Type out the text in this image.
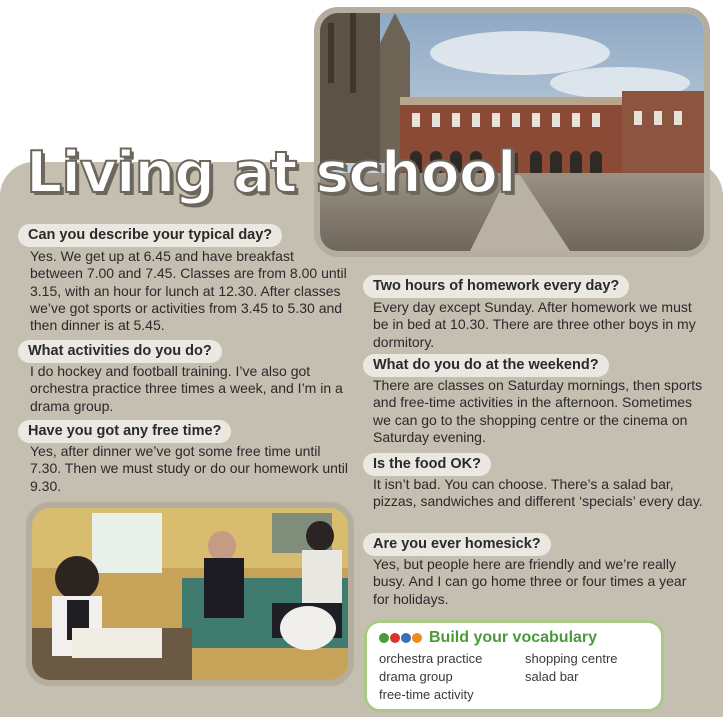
Living at school
Can you describe your typical day?
Yes. We get up at 6.45 and have breakfast between 7.00 and 7.45. Classes are from 8.00 until 3.15, with an hour for lunch at 12.30. After classes we’ve got sports or activities from 3.45 to 5.30 and then dinner is at 5.45.
What activities do you do?
I do hockey and football training. I’ve also got orchestra practice three times a week, and I’m in a drama group.
Have you got any free time?
Yes, after dinner we’ve got some free time until 7.30. Then we must study or do our homework until 9.30.
Two hours of homework every day?
Every day except Sunday. After homework we must be in bed at 10.30. There are three other boys in my dormitory.
What do you do at the weekend?
There are classes on Saturday mornings, then sports and free-time activities in the afternoon. Sometimes we can go to the shopping centre or the cinema on Saturday evening.
Is the food OK?
It isn’t bad. You can choose. There’s a salad bar, pizzas, sandwiches and different ‘specials’ every day.
Are you ever homesick?
Yes, but people here are friendly and we’re really busy. And I can go home three or four times a year for holidays.
Build your vocabulary
orchestra practice
drama group
free-time activity
shopping centre
salad bar
